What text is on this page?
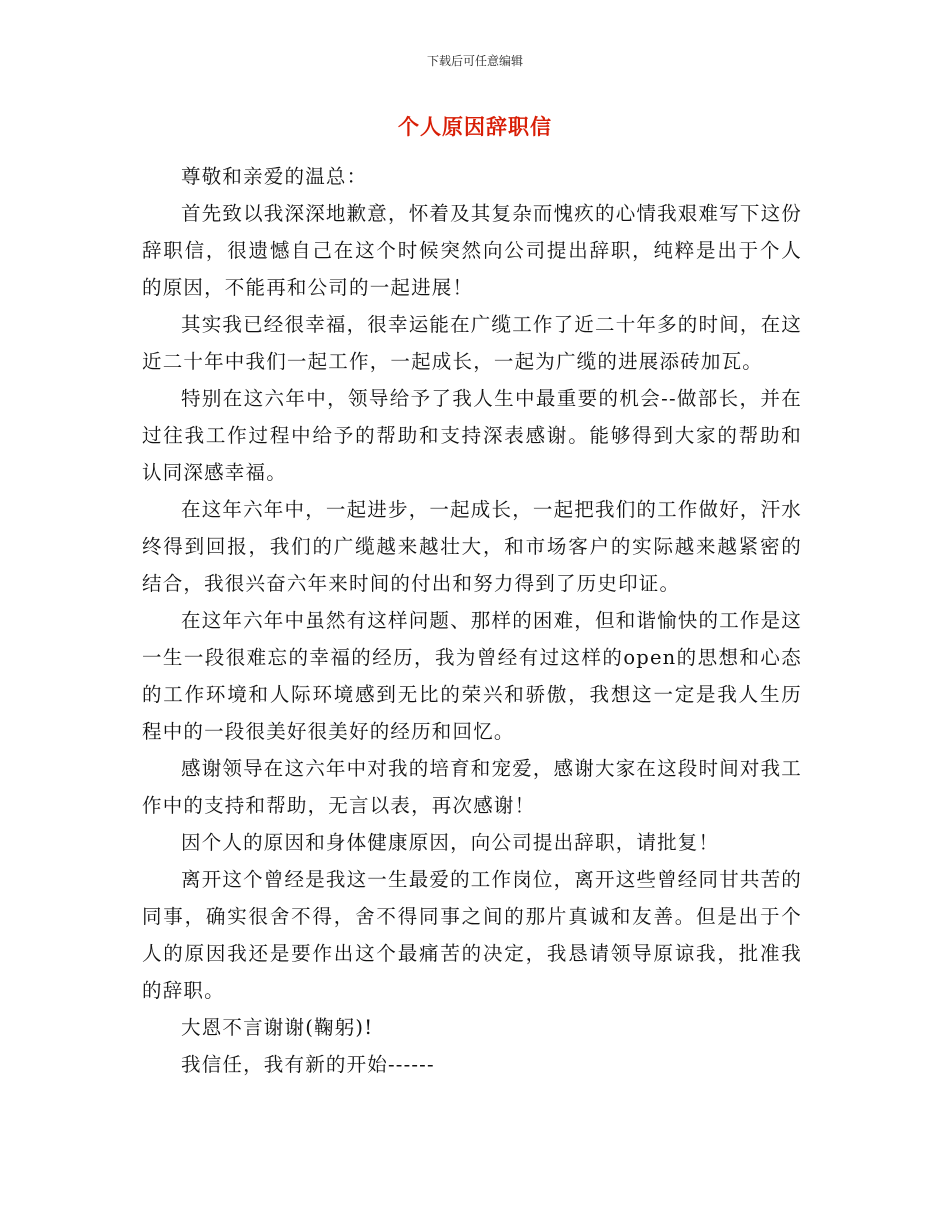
下载后可任意编辑
个人原因辞职信

尊敬和亲爱的温总：

首先致以我深深地歉意，怀着及其复杂而愧疚的心情我艰难写下这份辞职信，很遗憾自己在这个时候突然向公司提出辞职，纯粹是出于个人的原因，不能再和公司的一起进展！

其实我已经很幸福，很幸运能在广缆工作了近二十年多的时间，在这近二十年中我们一起工作，一起成长，一起为广缆的进展添砖加瓦。

特别在这六年中，领导给予了我人生中最重要的机会--做部长，并在过往我工作过程中给予的帮助和支持深表感谢。能够得到大家的帮助和认同深感幸福。

在这年六年中，一起进步，一起成长，一起把我们的工作做好，汗水终得到回报，我们的广缆越来越壮大，和市场客户的实际越来越紧密的结合，我很兴奋六年来时间的付出和努力得到了历史印证。

在这年六年中虽然有这样问题、那样的困难，但和谐愉快的工作是这一生一段很难忘的幸福的经历，我为曾经有过这样的open的思想和心态的工作环境和人际环境感到无比的荣兴和骄傲，我想这一定是我人生历程中的一段很美好很美好的经历和回忆。

感谢领导在这六年中对我的培育和宠爱，感谢大家在这段时间对我工作中的支持和帮助，无言以表，再次感谢！

因个人的原因和身体健康原因，向公司提出辞职，请批复！

离开这个曾经是我这一生最爱的工作岗位，离开这些曾经同甘共苦的同事，确实很舍不得，舍不得同事之间的那片真诚和友善。但是出于个人的原因我还是要作出这个最痛苦的决定，我恳请领导原谅我，批准我的辞职。

大恩不言谢谢(鞠躬)!

我信任，我有新的开始------
